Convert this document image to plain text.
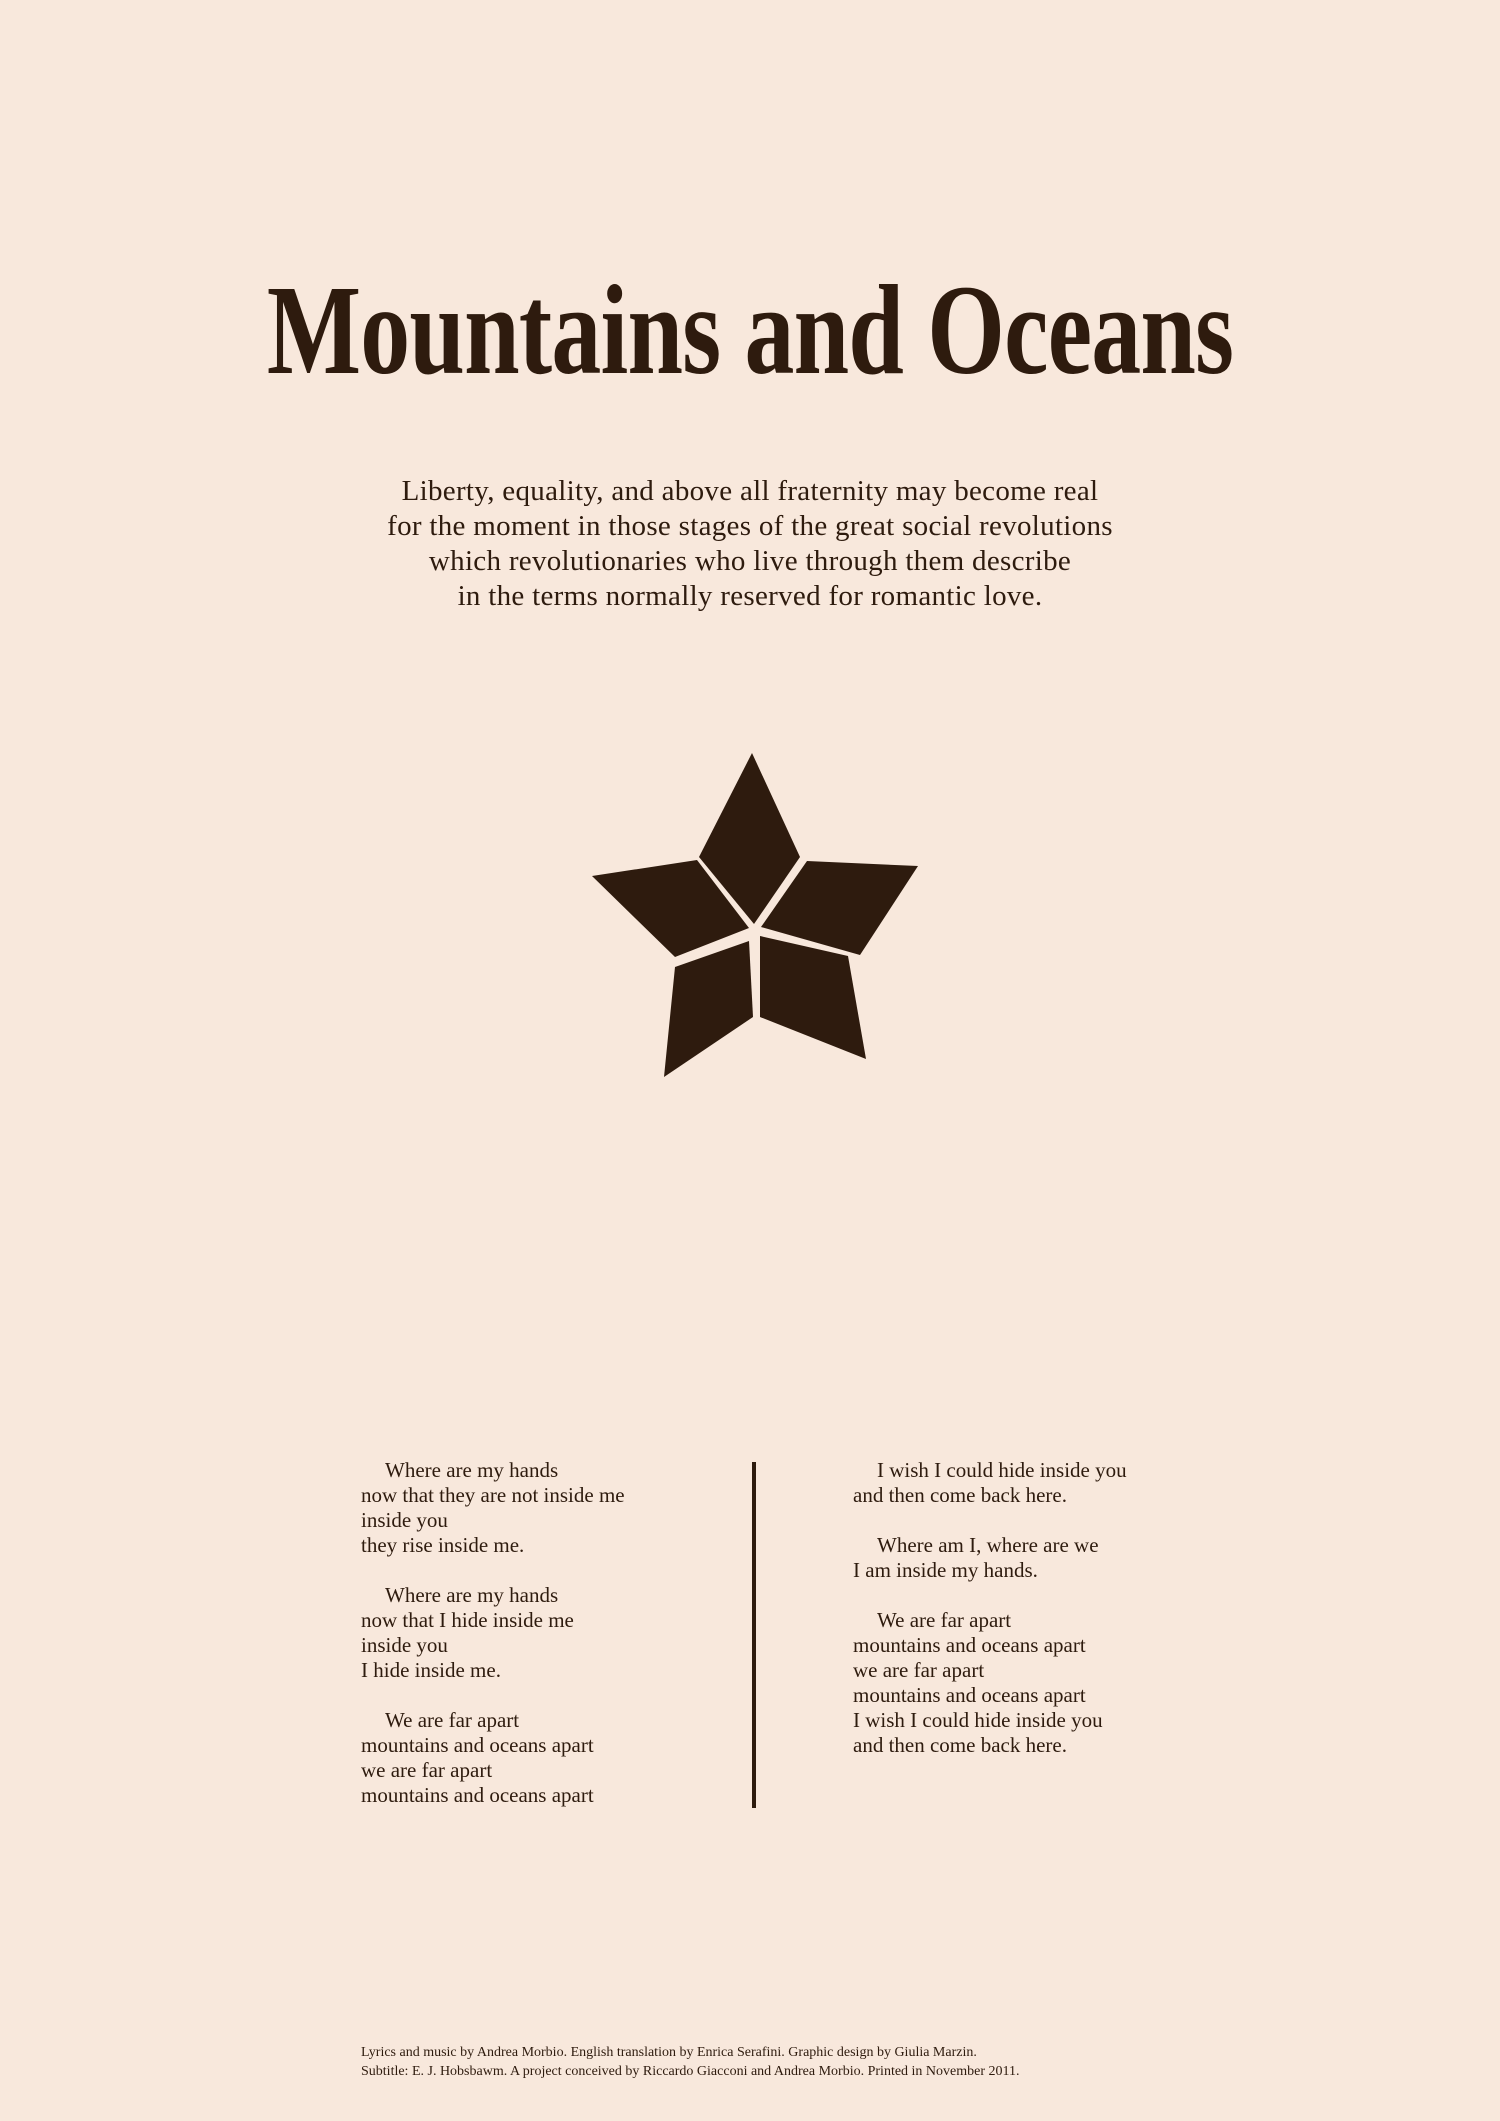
Mountains and Oceans
Liberty, equality, and above all fraternity may become real
for the moment in those stages of the great social revolutions
which revolutionaries who live through them describe
in the terms normally reserved for romantic love.
Where are my hands
now that they are not inside me
inside you
they rise inside me.
Where are my hands
now that I hide inside me
inside you
I hide inside me.
We are far apart
mountains and oceans apart
we are far apart
mountains and oceans apart
I wish I could hide inside you
and then come back here.
Where am I, where are we
I am inside my hands.
We are far apart
mountains and oceans apart
we are far apart
mountains and oceans apart
I wish I could hide inside you
and then come back here.
Lyrics and music by Andrea Morbio. English translation by Enrica Serafini. Graphic design by Giulia Marzin.
Subtitle: E. J. Hobsbawm. A project conceived by Riccardo Giacconi and Andrea Morbio. Printed in November 2011.
